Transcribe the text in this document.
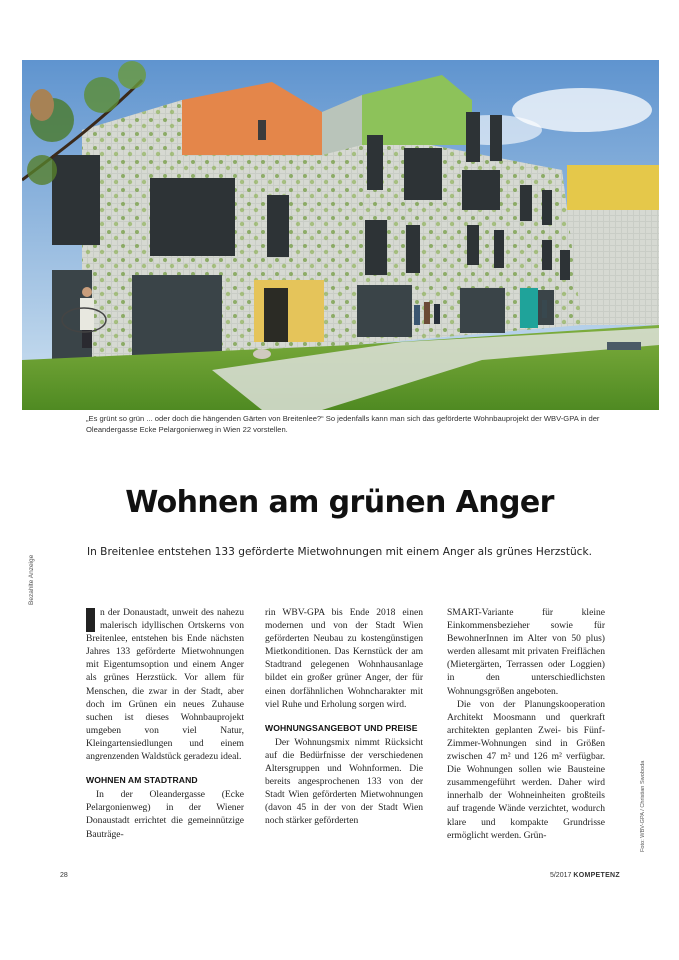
„Es grünt so grün ... oder doch die hängenden Gärten von Breitenlee?“ So jedenfalls kann man sich das geförderte Wohnbauprojekt der WBV-GPA in der Oleandergasse Ecke Pelargonienweg in Wien 22 vorstellen.
Bezahlte Anzeige
Foto: WBV-GPA / Christian Swoboda
Wohnen am grünen Anger

In Breitenlee entstehen 133 geförderte Mietwohnungen mit einem Anger als grünes Herzstück.

n der Donaustadt, unweit des nahezu malerisch idyllischen Ortskerns von Breitenlee, entstehen bis Ende nächsten Jahres 133 geförderte Mietwohnungen mit Eigentumsoption und einem Anger als grünes Herzstück. Vor allem für Menschen, die zwar in der Stadt, aber doch im Grünen ein neues Zuhause suchen ist dieses Wohnbauprojekt umgeben von viel Natur, Kleingartensiedlungen und einem angrenzenden Waldstück geradezu ideal.

WOHNEN AM STADTRAND

In der Oleandergasse (Ecke Pelargonienweg) in der Wiener Donaustadt errichtet die gemeinnützige Bauträge-

rin WBV-GPA bis Ende 2018 einen modernen und von der Stadt Wien geförderten Neubau zu kostengünstigen Mietkonditionen. Das Kernstück der am Stadtrand gelegenen Wohnhausanlage bildet ein großer grüner Anger, der für einen dorfähnlichen Wohncharakter mit viel Ruhe und Erholung sorgen wird.

WOHNUNGSANGEBOT UND PREISE

Der Wohnungsmix nimmt Rücksicht auf die Bedürfnisse der verschiedenen Altersgruppen und Wohnformen. Die bereits angesprochenen 133 von der Stadt Wien geförderten Mietwohnungen (davon 45 in der von der Stadt Wien noch stärker geförderten

SMART-Variante für kleine Einkommensbezieher sowie für BewohnerInnen im Alter von 50 plus) werden allesamt mit privaten Freiflächen (Mietergärten, Terrassen oder Loggien) in den unterschiedlichsten Wohnungsgrößen angeboten.

Die von der Planungskooperation Architekt Moosmann und querkraft architekten geplanten Zwei- bis Fünf-Zimmer-Wohnungen sind in Größen zwischen 47 m² und 126 m² verfügbar. Die Wohnungen sollen wie Bausteine zusammengeführt werden. Daher wird innerhalb der Wohneinheiten großteils auf tragende Wände verzichtet, wodurch klare und kompakte Grundrisse ermöglicht werden. Grün-

28	5/2017 KOMPETENZ
